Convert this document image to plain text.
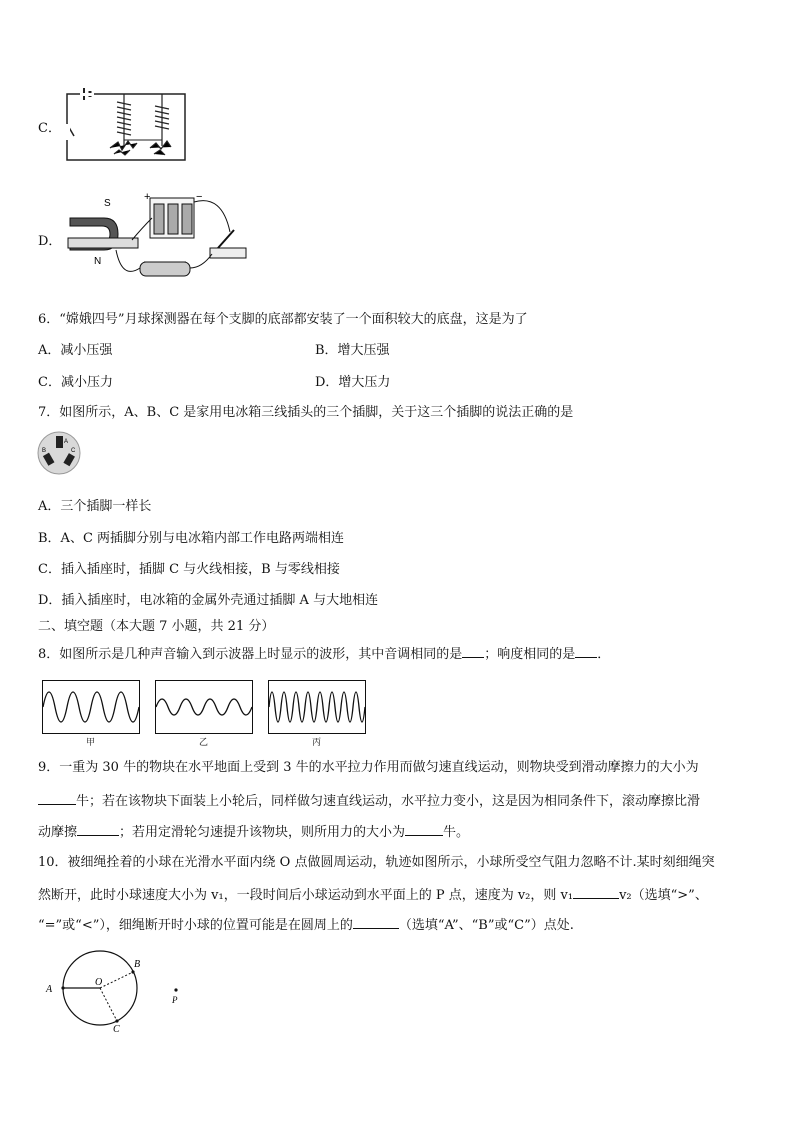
C．
D．
S
N
+	−
6．“嫦娥四号”月球探测器在每个支脚的底部都安装了一个面积较大的底盘，这是为了
A．减小压强	B．增大压强
C．减小压力	D．增大压力
7．如图所示，A、B、C 是家用电冰箱三线插头的三个插脚，关于这三个插脚的说法正确的是
A
B	C
A．三个插脚一样长
B．A、C 两插脚分别与电冰箱内部工作电路两端相连
C．插入插座时，插脚 C 与火线相接，B 与零线相接
D．插入插座时，电冰箱的金属外壳通过插脚 A 与大地相连
二、填空题（本大题 7 小题，共 21 分）
8．如图所示是几种声音输入到示波器上时显示的波形，其中音调相同的是 ；响度相同的是 ．
甲	乙	丙
9．一重为 30 牛的物块在水平地面上受到 3 牛的水平拉力作用而做匀速直线运动，则物块受到滑动摩擦力的大小为
牛；若在该物块下面装上小轮后，同样做匀速直线运动，水平拉力变小，这是因为相同条件下，滚动摩擦比滑
动摩擦	；若用定滑轮匀速提升该物块，则所用力的大小为	牛。
10．被细绳拴着的小球在光滑水平面内绕 O 点做圆周运动，轨迹如图所示，小球所受空气阻力忽略不计.某时刻细绳突
然断开，此时小球速度大小为 v₁，一段时间后小球运动到水平面上的 P 点，速度为 v₂，则 v₁	v₂（选填“>”、
“=”或“<”），细绳断开时小球的位置可能是在圆周上的	（选填“A”、“B”或“C”）点处.
A
B
C
O
P
